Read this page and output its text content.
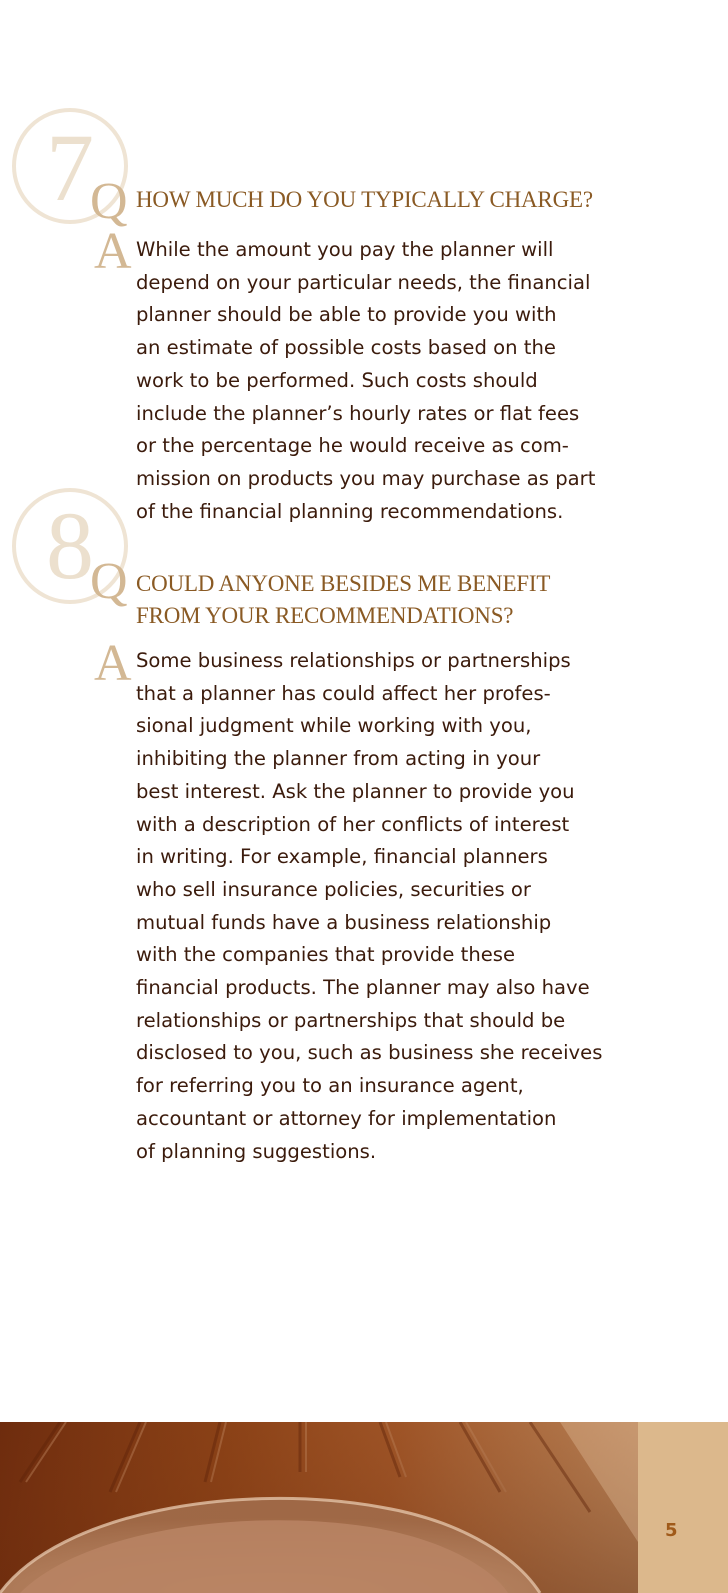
7
Q HOW MUCH DO YOU TYPICALLY CHARGE?
A While the amount you pay the planner will
depend on your particular needs, the financial
planner should be able to provide you with
an estimate of possible costs based on the
work to be performed. Such costs should
include the planner’s hourly rates or flat fees
or the percentage he would receive as com-
mission on products you may purchase as part
of the financial planning recommendations.
8
Q COULD ANYONE BESIDES ME BENEFIT
FROM YOUR RECOMMENDATIONS?
A Some business relationships or partnerships
that a planner has could affect her profes-
sional judgment while working with you,
inhibiting the planner from acting in your
best interest. Ask the planner to provide you
with a description of her conflicts of interest
in writing. For example, financial planners
who sell insurance policies, securities or
mutual funds have a business relationship
with the companies that provide these
financial products. The planner may also have
relationships or partnerships that should be
disclosed to you, such as business she receives
for referring you to an insurance agent,
accountant or attorney for implementation
of planning suggestions.
5
